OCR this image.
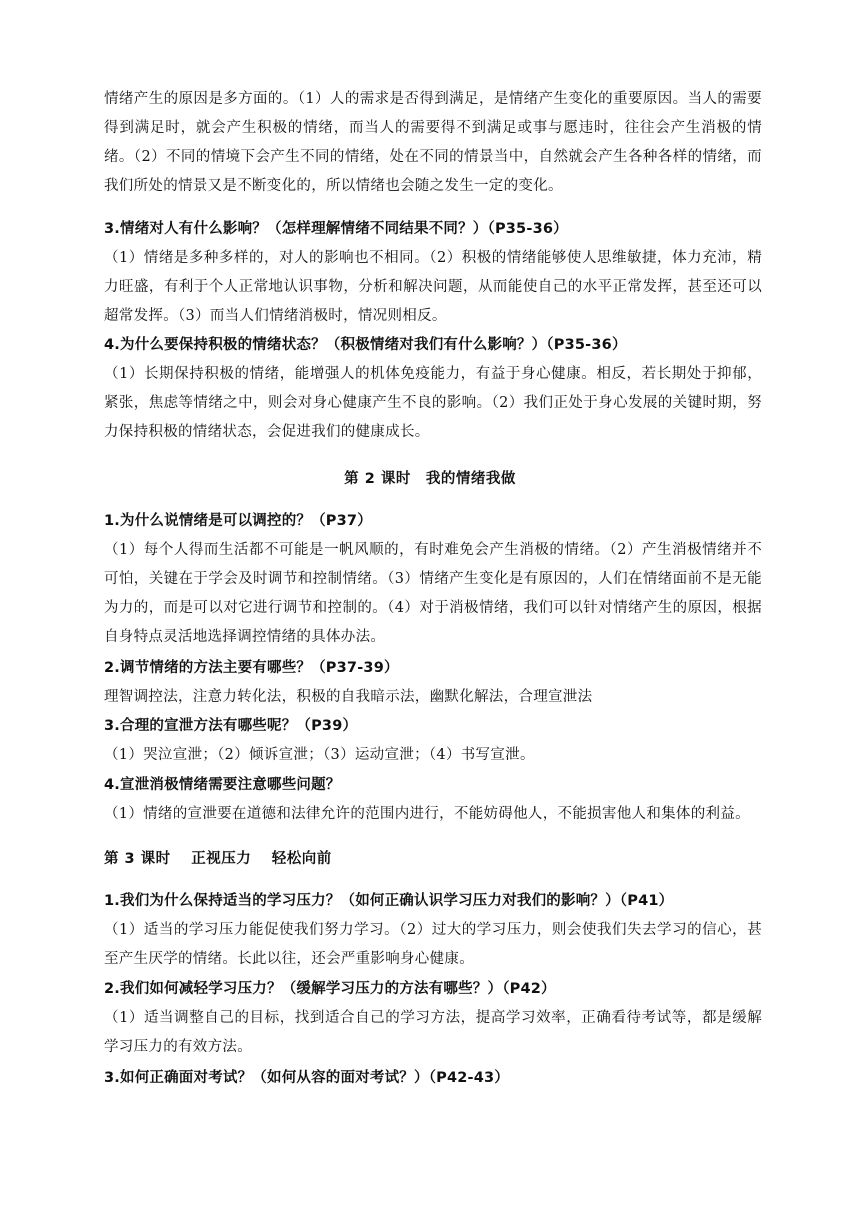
情绪产生的原因是多方面的。（1）人的需求是否得到满足，是情绪产生变化的重要原因。当人的需要得到满足时，就会产生积极的情绪，而当人的需要得不到满足或事与愿违时，往往会产生消极的情绪。（2）不同的情境下会产生不同的情绪，处在不同的情景当中，自然就会产生各种各样的情绪，而我们所处的情景又是不断变化的，所以情绪也会随之发生一定的变化。

3.情绪对人有什么影响？（怎样理解情绪不同结果不同？）（P35-36）

（1）情绪是多种多样的，对人的影响也不相同。（2）积极的情绪能够使人思维敏捷，体力充沛，精力旺盛，有利于个人正常地认识事物，分析和解决问题，从而能使自己的水平正常发挥，甚至还可以超常发挥。（3）而当人们情绪消极时，情况则相反。

4.为什么要保持积极的情绪状态？（积极情绪对我们有什么影响？）（P35-36）

（1）长期保持积极的情绪，能增强人的机体免疫能力，有益于身心健康。相反，若长期处于抑郁，紧张，焦虑等情绪之中，则会对身心健康产生不良的影响。（2）我们正处于身心发展的关键时期，努力保持积极的情绪状态，会促进我们的健康成长。

第 2 课时　我的情绪我做

1.为什么说情绪是可以调控的？（P37）

（1）每个人得而生活都不可能是一帆风顺的，有时难免会产生消极的情绪。（2）产生消极情绪并不可怕，关键在于学会及时调节和控制情绪。（3）情绪产生变化是有原因的，人们在情绪面前不是无能为力的，而是可以对它进行调节和控制的。（4）对于消极情绪，我们可以针对情绪产生的原因，根据自身特点灵活地选择调控情绪的具体办法。

2.调节情绪的方法主要有哪些？（P37-39）

理智调控法，注意力转化法，积极的自我暗示法，幽默化解法，合理宣泄法

3.合理的宣泄方法有哪些呢？（P39）

（1）哭泣宣泄；（2）倾诉宣泄；（3）运动宣泄；（4）书写宣泄。

4.宣泄消极情绪需要注意哪些问题？

（1）情绪的宣泄要在道德和法律允许的范围内进行，不能妨碍他人，不能损害他人和集体的利益。

第 3 课时　 正视压力　 轻松向前

1.我们为什么保持适当的学习压力？（如何正确认识学习压力对我们的影响？）（P41）

（1）适当的学习压力能促使我们努力学习。（2）过大的学习压力，则会使我们失去学习的信心，甚至产生厌学的情绪。长此以往，还会严重影响身心健康。

2.我们如何减轻学习压力？（缓解学习压力的方法有哪些？）（P42）

（1）适当调整自己的目标，找到适合自己的学习方法，提高学习效率，正确看待考试等，都是缓解学习压力的有效方法。

3.如何正确面对考试？（如何从容的面对考试？）（P42-43）
